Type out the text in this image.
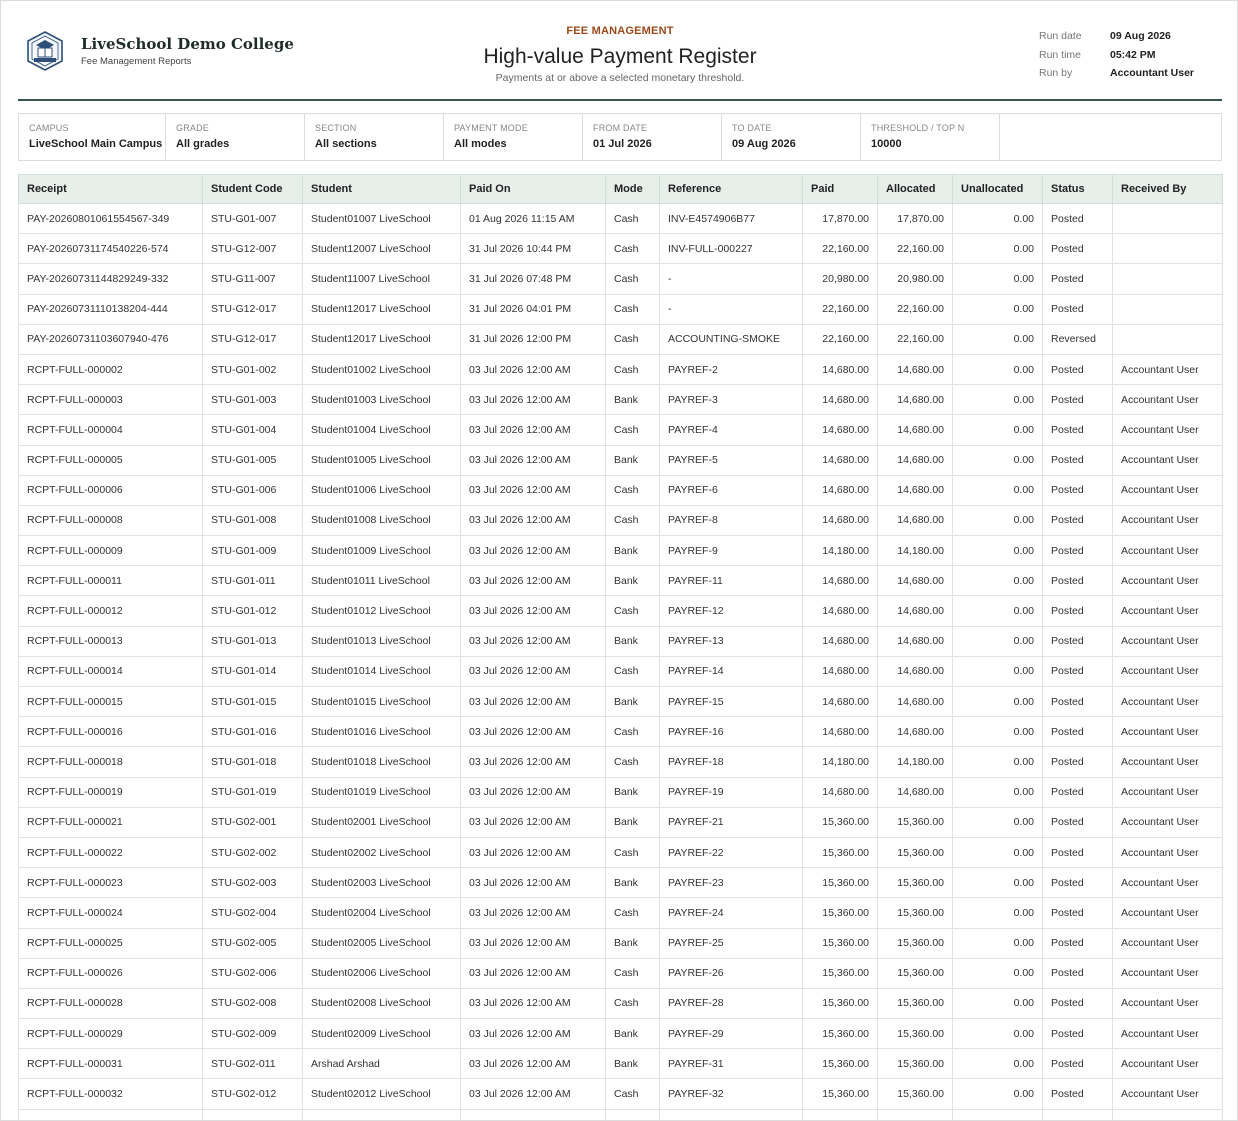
LiveSchool Demo College
Fee Management Reports
FEE MANAGEMENT
High-value Payment Register
Payments at or above a selected monetary threshold.
Run date	09 Aug 2026
Run time	05:42 PM
Run by	Accountant User
CAMPUS
LiveSchool Main Campus
GRADE
All grades
SECTION
All sections
PAYMENT MODE
All modes
FROM DATE
01 Jul 2026
TO DATE
09 Aug 2026
THRESHOLD / TOP N
10000
Receipt	Student Code	Student	Paid On	Mode	Reference	Paid	Allocated	Unallocated	Status	Received By
PAY-20260801061554567-349	STU-G01-007	Student01007 LiveSchool	01 Aug 2026 11:15 AM	Cash	INV-E4574906B77	17,870.00	17,870.00	0.00	Posted	
PAY-20260731174540226-574	STU-G12-007	Student12007 LiveSchool	31 Jul 2026 10:44 PM	Cash	INV-FULL-000227	22,160.00	22,160.00	0.00	Posted	
PAY-20260731144829249-332	STU-G11-007	Student11007 LiveSchool	31 Jul 2026 07:48 PM	Cash	-	20,980.00	20,980.00	0.00	Posted	
PAY-20260731110138204-444	STU-G12-017	Student12017 LiveSchool	31 Jul 2026 04:01 PM	Cash	-	22,160.00	22,160.00	0.00	Posted	
PAY-20260731103607940-476	STU-G12-017	Student12017 LiveSchool	31 Jul 2026 12:00 PM	Cash	ACCOUNTING-SMOKE	22,160.00	22,160.00	0.00	Reversed	
RCPT-FULL-000002	STU-G01-002	Student01002 LiveSchool	03 Jul 2026 12:00 AM	Cash	PAYREF-2	14,680.00	14,680.00	0.00	Posted	Accountant User
RCPT-FULL-000003	STU-G01-003	Student01003 LiveSchool	03 Jul 2026 12:00 AM	Bank	PAYREF-3	14,680.00	14,680.00	0.00	Posted	Accountant User
RCPT-FULL-000004	STU-G01-004	Student01004 LiveSchool	03 Jul 2026 12:00 AM	Cash	PAYREF-4	14,680.00	14,680.00	0.00	Posted	Accountant User
RCPT-FULL-000005	STU-G01-005	Student01005 LiveSchool	03 Jul 2026 12:00 AM	Bank	PAYREF-5	14,680.00	14,680.00	0.00	Posted	Accountant User
RCPT-FULL-000006	STU-G01-006	Student01006 LiveSchool	03 Jul 2026 12:00 AM	Cash	PAYREF-6	14,680.00	14,680.00	0.00	Posted	Accountant User
RCPT-FULL-000008	STU-G01-008	Student01008 LiveSchool	03 Jul 2026 12:00 AM	Cash	PAYREF-8	14,680.00	14,680.00	0.00	Posted	Accountant User
RCPT-FULL-000009	STU-G01-009	Student01009 LiveSchool	03 Jul 2026 12:00 AM	Bank	PAYREF-9	14,180.00	14,180.00	0.00	Posted	Accountant User
RCPT-FULL-000011	STU-G01-011	Student01011 LiveSchool	03 Jul 2026 12:00 AM	Bank	PAYREF-11	14,680.00	14,680.00	0.00	Posted	Accountant User
RCPT-FULL-000012	STU-G01-012	Student01012 LiveSchool	03 Jul 2026 12:00 AM	Cash	PAYREF-12	14,680.00	14,680.00	0.00	Posted	Accountant User
RCPT-FULL-000013	STU-G01-013	Student01013 LiveSchool	03 Jul 2026 12:00 AM	Bank	PAYREF-13	14,680.00	14,680.00	0.00	Posted	Accountant User
RCPT-FULL-000014	STU-G01-014	Student01014 LiveSchool	03 Jul 2026 12:00 AM	Cash	PAYREF-14	14,680.00	14,680.00	0.00	Posted	Accountant User
RCPT-FULL-000015	STU-G01-015	Student01015 LiveSchool	03 Jul 2026 12:00 AM	Bank	PAYREF-15	14,680.00	14,680.00	0.00	Posted	Accountant User
RCPT-FULL-000016	STU-G01-016	Student01016 LiveSchool	03 Jul 2026 12:00 AM	Cash	PAYREF-16	14,680.00	14,680.00	0.00	Posted	Accountant User
RCPT-FULL-000018	STU-G01-018	Student01018 LiveSchool	03 Jul 2026 12:00 AM	Cash	PAYREF-18	14,180.00	14,180.00	0.00	Posted	Accountant User
RCPT-FULL-000019	STU-G01-019	Student01019 LiveSchool	03 Jul 2026 12:00 AM	Bank	PAYREF-19	14,680.00	14,680.00	0.00	Posted	Accountant User
RCPT-FULL-000021	STU-G02-001	Student02001 LiveSchool	03 Jul 2026 12:00 AM	Bank	PAYREF-21	15,360.00	15,360.00	0.00	Posted	Accountant User
RCPT-FULL-000022	STU-G02-002	Student02002 LiveSchool	03 Jul 2026 12:00 AM	Cash	PAYREF-22	15,360.00	15,360.00	0.00	Posted	Accountant User
RCPT-FULL-000023	STU-G02-003	Student02003 LiveSchool	03 Jul 2026 12:00 AM	Bank	PAYREF-23	15,360.00	15,360.00	0.00	Posted	Accountant User
RCPT-FULL-000024	STU-G02-004	Student02004 LiveSchool	03 Jul 2026 12:00 AM	Cash	PAYREF-24	15,360.00	15,360.00	0.00	Posted	Accountant User
RCPT-FULL-000025	STU-G02-005	Student02005 LiveSchool	03 Jul 2026 12:00 AM	Bank	PAYREF-25	15,360.00	15,360.00	0.00	Posted	Accountant User
RCPT-FULL-000026	STU-G02-006	Student02006 LiveSchool	03 Jul 2026 12:00 AM	Cash	PAYREF-26	15,360.00	15,360.00	0.00	Posted	Accountant User
RCPT-FULL-000028	STU-G02-008	Student02008 LiveSchool	03 Jul 2026 12:00 AM	Cash	PAYREF-28	15,360.00	15,360.00	0.00	Posted	Accountant User
RCPT-FULL-000029	STU-G02-009	Student02009 LiveSchool	03 Jul 2026 12:00 AM	Bank	PAYREF-29	15,360.00	15,360.00	0.00	Posted	Accountant User
RCPT-FULL-000031	STU-G02-011	Arshad Arshad	03 Jul 2026 12:00 AM	Bank	PAYREF-31	15,360.00	15,360.00	0.00	Posted	Accountant User
RCPT-FULL-000032	STU-G02-012	Student02012 LiveSchool	03 Jul 2026 12:00 AM	Cash	PAYREF-32	15,360.00	15,360.00	0.00	Posted	Accountant User
